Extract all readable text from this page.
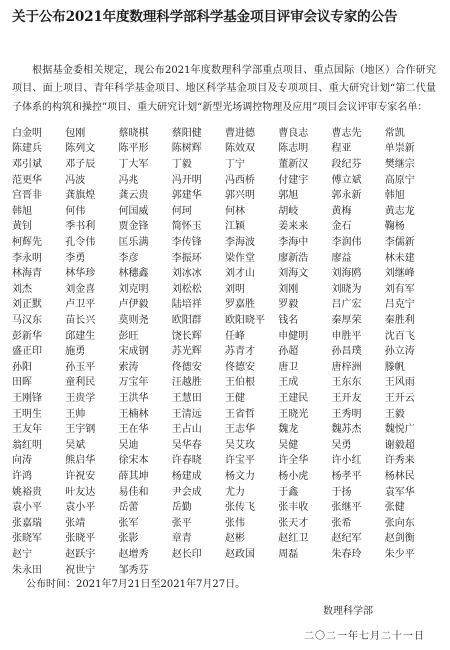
关于公布2021年度数理科学部科学基金项目评审会议专家的公告

根据基金委相关规定，现公布2021年度数理科学部重点项目、重点国际（地区）合作研究项目、面上项目、青年科学基金项目、地区科学基金项目及专项项目、重大研究计划“第二代量子体系的构筑和操控”项目、重大研究计划“新型光场调控物理及应用”项目会议评审专家名单：

白金明	包刚	蔡晓棋	蔡阳健	曹进德	曹良志	曹志先	常凯
陈建兵	陈列文	陈平形	陈树辉	陈效双	陈志明	程亚	单崇新
邓引斌	邓子辰	丁大军	丁毅	丁宁	董新汉	段纪芬	樊继宗
范更华	冯波	冯兆	冯开明	冯西桥	付建宇	傅立斌	高原宁
宫晋非	龚旗煌	龚云贵	郭建华	郭兴明	郭旭	郭永新	韩旭
韩旭	何伟	何国威	何珂	何林	胡岐	黄梅	黄志龙
黄钊	季书利	贾金锋	简怀玉	江颖	姜来来	金石	鞠杨
柯辉先	孔令伟	匡乐满	李传锋	李海波	李海中	李润伟	李儒新
李永明	李勇	李彦	李振环	梁作堂	廖新浩	廖益	林未建
林海青	林华珍	林穗鑫	刘冰冰	刘才山	刘海文	刘海鸥	刘继峰
刘杰	刘金喜	刘克明	刘松松	刘明	刘刚	刘晓为	刘有军
刘正默	卢卫平	卢伊毅	陆培祥	罗嘉胜	罗毅	吕广宏	吕克宁
马汉东	苗长兴	莫则尧	欧阳群	欧阳晓平	钱名	秦厚荣	秦胜利
彭新华	邱建生	彭旺	饶长辉	任峰	申健明	申胜平	沈百飞
盛正印	施勇	宋成钢	苏光辉	苏青才	孙超	孙昌璞	孙立涛
孙阳	孙玉平	索涛	佟德安	佟德安	唐卫	唐梓洲	滕帆
田晖	童利民	万宝年	汪越胜	王伯根	王成	王东东	王风雨
王刚锋	王贵学	王洪华	王慧田	王健	王建民	王开友	王开云
王明生	王帅	王楠林	王清远	王省哲	王晓光	王秀明	王毅
王友年	王宇钢	王在华	王占山	王志华	魏龙	魏苏杰	魏悦广
翁红明	吴斌	吴迪	吴华春	吴艾玫	吴健	吴勇	谢毅超
向涛	熊启华	徐宋本	许春晓	许宝平	许全华	许小红	许秀来
许鸿	许祝安	薛其坤	杨建成	杨文力	杨小虎	杨孝平	杨林民
姚裕贵	叶友达	易佳和	尹会成	尤力	于鑫	于扬	袁军华
袁小平	袁小平	岳蕾	岳勤	张传飞	张丰收	张继平	张健
张嘉瑞	张靖	张军	张平	张伟	张天才	张希	张向东
张晓军	张晓平	张影	章青	赵彬	赵红卫	赵纪军	赵剑衡
赵宁	赵跃宇	赵增秀	赵长印	赵政国	周磊	朱春玲	朱少平
朱永田	祝世宁	邹秀芬

公布时间：2021年7月21日至2021年7月27日。

数理科学部

二〇二一年七月二十一日
